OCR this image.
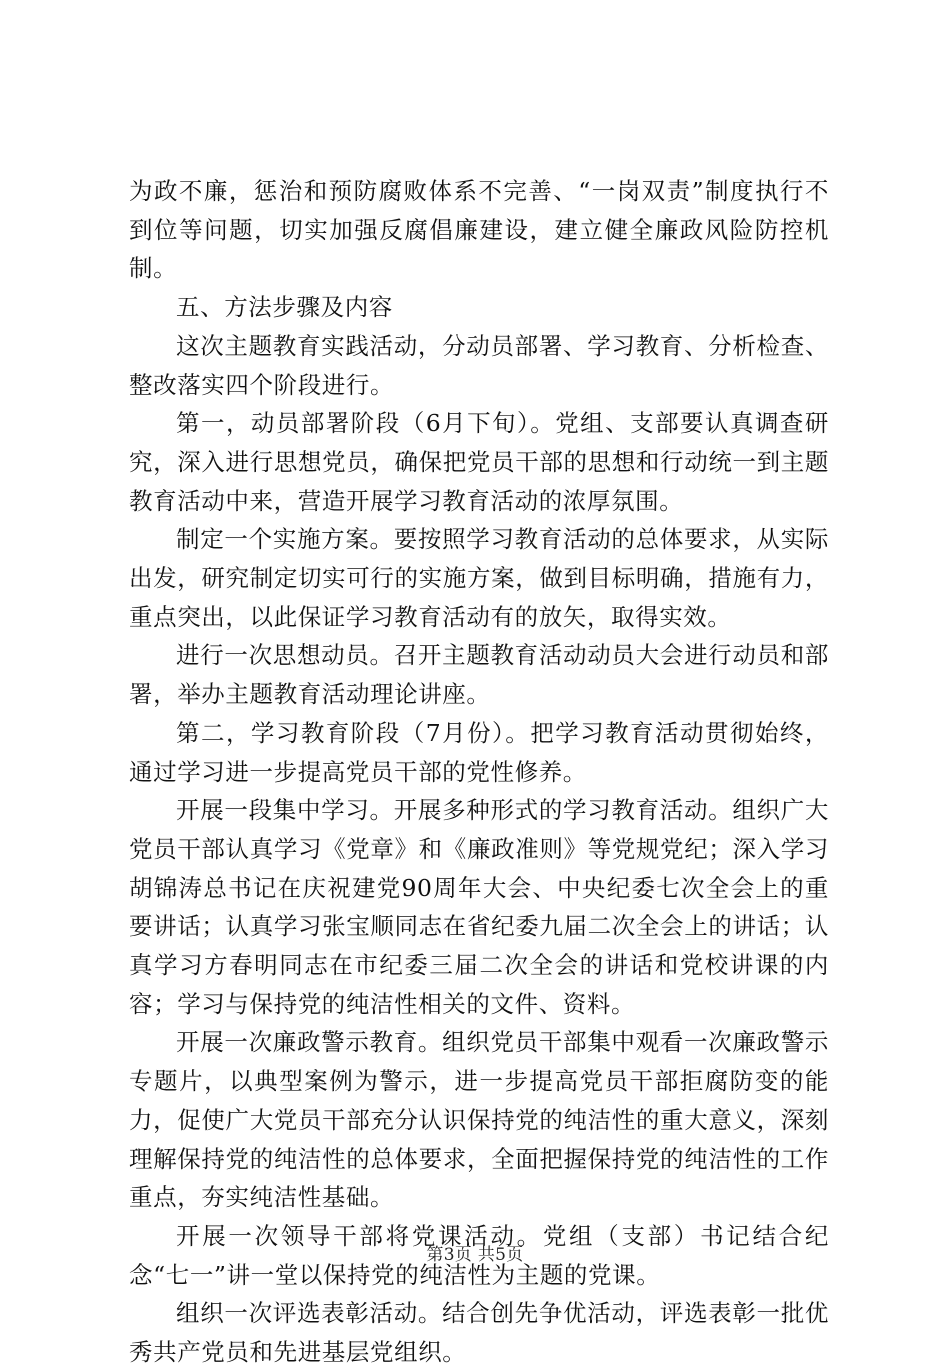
为政不廉，惩治和预防腐败体系不完善、“一岗双责”制度执行不到位等问题，切实加强反腐倡廉建设，建立健全廉政风险防控机制。

五、方法步骤及内容

这次主题教育实践活动，分动员部署、学习教育、分析检查、整改落实四个阶段进行。

第一，动员部署阶段（6月下旬）。党组、支部要认真调查研究，深入进行思想党员，确保把党员干部的思想和行动统一到主题教育活动中来，营造开展学习教育活动的浓厚氛围。

制定一个实施方案。要按照学习教育活动的总体要求，从实际出发，研究制定切实可行的实施方案，做到目标明确，措施有力，重点突出，以此保证学习教育活动有的放矢，取得实效。

进行一次思想动员。召开主题教育活动动员大会进行动员和部署，举办主题教育活动理论讲座。

第二，学习教育阶段（7月份）。把学习教育活动贯彻始终，通过学习进一步提高党员干部的党性修养。

开展一段集中学习。开展多种形式的学习教育活动。组织广大党员干部认真学习《党章》和《廉政准则》等党规党纪；深入学习胡锦涛总书记在庆祝建党90周年大会、中央纪委七次全会上的重要讲话；认真学习张宝顺同志在省纪委九届二次全会上的讲话；认真学习方春明同志在市纪委三届二次全会的讲话和党校讲课的内容；学习与保持党的纯洁性相关的文件、资料。

开展一次廉政警示教育。组织党员干部集中观看一次廉政警示专题片，以典型案例为警示，进一步提高党员干部拒腐防变的能力，促使广大党员干部充分认识保持党的纯洁性的重大意义，深刻理解保持党的纯洁性的总体要求，全面把握保持党的纯洁性的工作重点，夯实纯洁性基础。

开展一次领导干部将党课活动。党组（支部）书记结合纪念“七一”讲一堂以保持党的纯洁性为主题的党课。

组织一次评选表彰活动。结合创先争优活动，评选表彰一批优秀共产党员和先进基层党组织。

第3页 共5页
